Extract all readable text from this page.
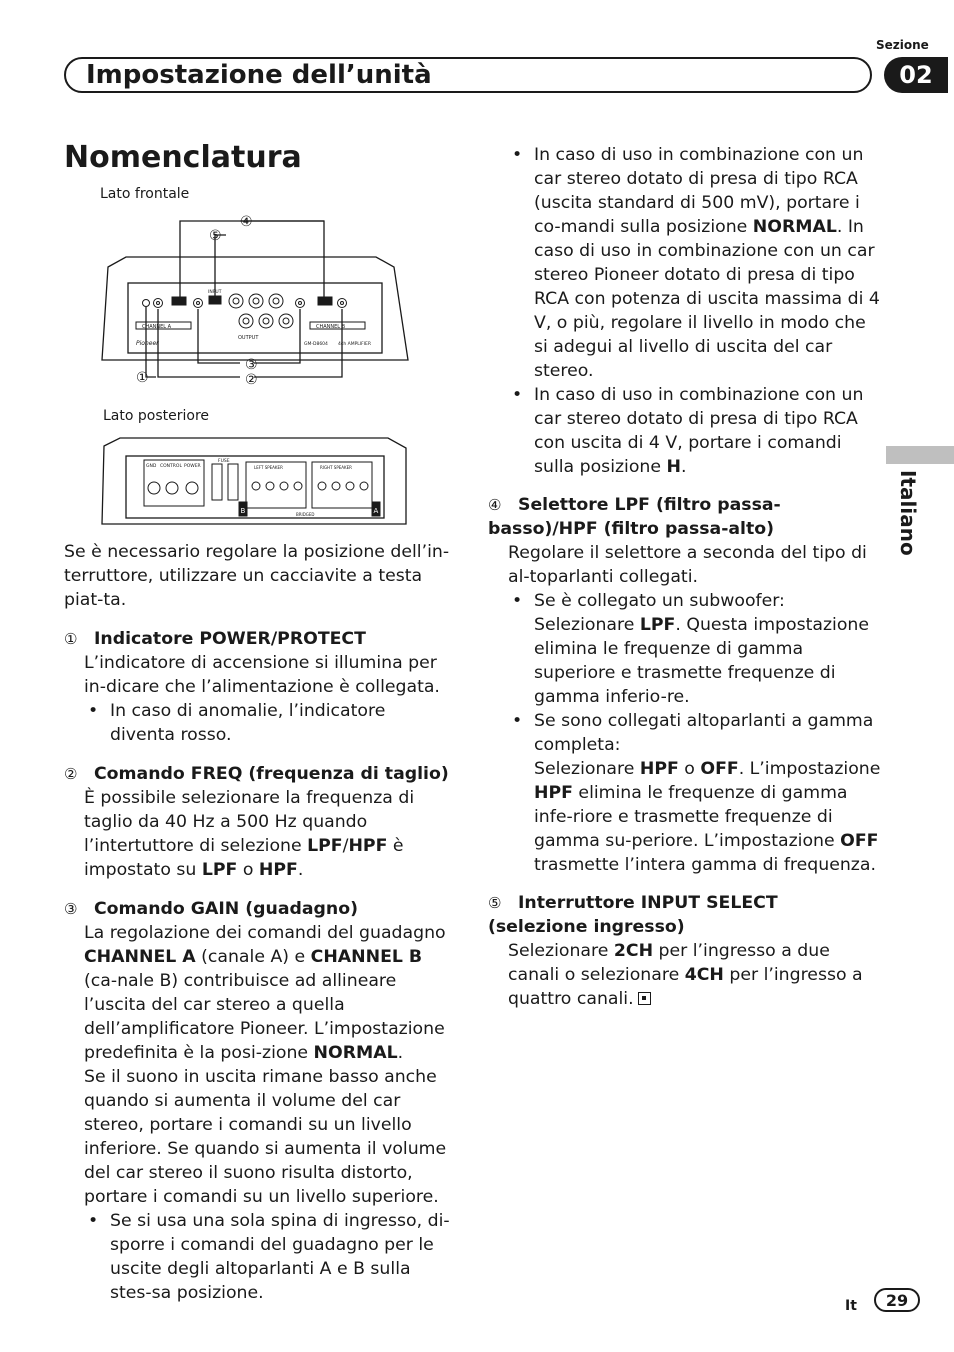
Sezione
Impostazione dell’unità	02
Italiano
Nomenclatura
Lato frontale
Lato posteriore
CHANNEL A	CHANNEL B
OUTPUT
INPUT
Pioneer	GM-D8604 4ch AMPLIFIER
④
⑤
③
②
①
GND CONTROL POWER
FUSE
LEFT SPEAKER	RIGHT SPEAKER
BRIDGED
B	A

Se è necessario regolare la posizione dell’in-terruttore, utilizzare un cacciavite a testa piat-ta.

① Indicatore POWER/PROTECT

L’indicatore di accensione si illumina per in-dicare che l’alimentazione è collegata.

• In caso di anomalie, l’indicatore diventa rosso.

② Comando FREQ (frequenza di taglio)

È possibile selezionare la frequenza di taglio da 40 Hz a 500 Hz quando l’intertuttore di selezione LPF/HPF è impostato su LPF o HPF.

③ Comando GAIN (guadagno)

La regolazione dei comandi del guadagno CHANNEL A (canale A) e CHANNEL B (ca-nale B) contribuisce ad allineare l’uscita del car stereo a quella dell’amplificatore Pioneer. L’impostazione predefinita è la posi-zione NORMAL.

Se il suono in uscita rimane basso anche quando si aumenta il volume del car stereo, portare i comandi su un livello inferiore. Se quando si aumenta il volume del car stereo il suono risulta distorto, portare i comandi su un livello superiore.

• Se si usa una sola spina di ingresso, di-sporre i comandi del guadagno per le uscite degli altoparlanti A e B sulla stes-sa posizione.

• In caso di uso in combinazione con un car stereo dotato di presa di tipo RCA (uscita standard di 500 mV), portare i co-mandi sulla posizione NORMAL. In caso di uso in combinazione con un car stereo Pioneer dotato di presa di tipo RCA con potenza di uscita massima di 4 V, o più, regolare il livello in modo che si adegui al livello di uscita del car stereo.

• In caso di uso in combinazione con un car stereo dotato di presa di tipo RCA con uscita di 4 V, portare i comandi sulla posizione H.

④ Selettore LPF (filtro passa-basso)/HPF (filtro passa-alto)

Regolare il selettore a seconda del tipo di al-toparlanti collegati.

• Se è collegato un subwoofer:
Selezionare LPF. Questa impostazione elimina le frequenze di gamma superiore e trasmette frequenze di gamma inferio-re.

• Se sono collegati altoparlanti a gamma completa:
Selezionare HPF o OFF. L’impostazione HPF elimina le frequenze di gamma infe-riore e trasmette frequenze di gamma su-periore. L’impostazione OFF trasmette l’intera gamma di frequenza.

⑤ Interruttore INPUT SELECT (selezione ingresso)

Selezionare 2CH per l’ingresso a due canali o selezionare 4CH per l’ingresso a quattro canali.

It	29
